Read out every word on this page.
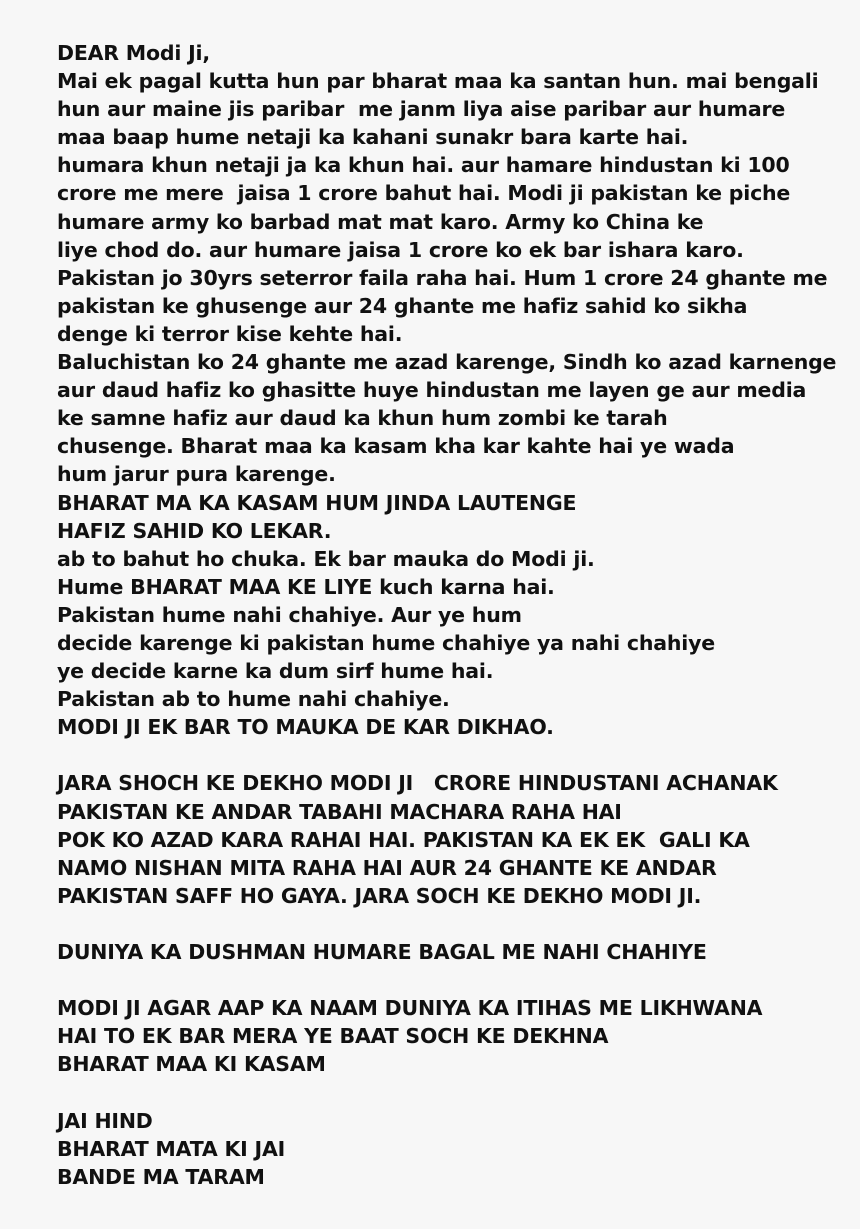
DEAR Modi Ji,
Mai ek pagal kutta hun par bharat maa ka santan hun. mai bengali
hun aur maine jis paribar  me janm liya aise paribar aur humare
maa baap hume netaji ka kahani sunakr bara karte hai.
humara khun netaji ja ka khun hai. aur hamare hindustan ki 100
crore me mere  jaisa 1 crore bahut hai. Modi ji pakistan ke piche
humare army ko barbad mat mat karo. Army ko China ke
liye chod do. aur humare jaisa 1 crore ko ek bar ishara karo.
Pakistan jo 30yrs seterror faila raha hai. Hum 1 crore 24 ghante me
pakistan ke ghusenge aur 24 ghante me hafiz sahid ko sikha
denge ki terror kise kehte hai.
Baluchistan ko 24 ghante me azad karenge, Sindh ko azad karnenge
aur daud hafiz ko ghasitte huye hindustan me layen ge aur media
ke samne hafiz aur daud ka khun hum zombi ke tarah
chusenge. Bharat maa ka kasam kha kar kahte hai ye wada
hum jarur pura karenge.
BHARAT MA KA KASAM HUM JINDA LAUTENGE
HAFIZ SAHID KO LEKAR.
ab to bahut ho chuka. Ek bar mauka do Modi ji.
Hume BHARAT MAA KE LIYE kuch karna hai.
Pakistan hume nahi chahiye. Aur ye hum
decide karenge ki pakistan hume chahiye ya nahi chahiye
ye decide karne ka dum sirf hume hai.
Pakistan ab to hume nahi chahiye.
MODI JI EK BAR TO MAUKA DE KAR DIKHAO.
JARA SHOCH KE DEKHO MODI JI   CRORE HINDUSTANI ACHANAK
PAKISTAN KE ANDAR TABAHI MACHARA RAHA HAI
POK KO AZAD KARA RAHAI HAI. PAKISTAN KA EK EK  GALI KA
NAMO NISHAN MITA RAHA HAI AUR 24 GHANTE KE ANDAR
PAKISTAN SAFF HO GAYA. JARA SOCH KE DEKHO MODI JI.
DUNIYA KA DUSHMAN HUMARE BAGAL ME NAHI CHAHIYE
MODI JI AGAR AAP KA NAAM DUNIYA KA ITIHAS ME LIKHWANA
HAI TO EK BAR MERA YE BAAT SOCH KE DEKHNA
BHARAT MAA KI KASAM
JAI HIND
BHARAT MATA KI JAI
BANDE MA TARAM
